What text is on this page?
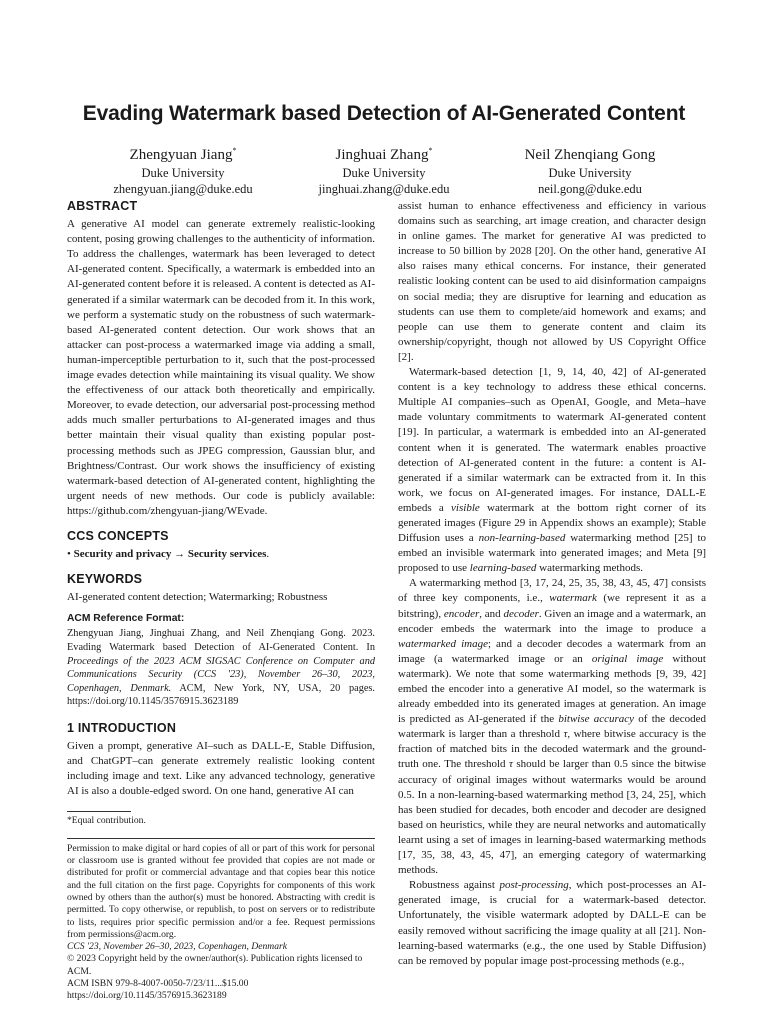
Evading Watermark based Detection of AI-Generated Content
Zhengyuan Jiang*
Duke University
zhengyuan.jiang@duke.edu
Jinghuai Zhang*
Duke University
jinghuai.zhang@duke.edu
Neil Zhenqiang Gong
Duke University
neil.gong@duke.edu
ABSTRACT

A generative AI model can generate extremely realistic-looking content, posing growing challenges to the authenticity of information. To address the challenges, watermark has been leveraged to detect AI-generated content. Specifically, a watermark is embedded into an AI-generated content before it is released. A content is detected as AI-generated if a similar watermark can be decoded from it. In this work, we perform a systematic study on the robustness of such watermark-based AI-generated content detection. Our work shows that an attacker can post-process a watermarked image via adding a small, human-imperceptible perturbation to it, such that the post-processed image evades detection while maintaining its visual quality. We show the effectiveness of our attack both theoretically and empirically. Moreover, to evade detection, our adversarial post-processing method adds much smaller perturbations to AI-generated images and thus better maintain their visual quality than existing popular post-processing methods such as JPEG compression, Gaussian blur, and Brightness/Contrast. Our work shows the insufficiency of existing watermark-based detection of AI-generated content, highlighting the urgent needs of new methods. Our code is publicly available: https://github.com/zhengyuan-jiang/WEvade.

CCS CONCEPTS

• Security and privacy → Security services.

KEYWORDS

AI-generated content detection; Watermarking; Robustness

ACM Reference Format:

Zhengyuan Jiang, Jinghuai Zhang, and Neil Zhenqiang Gong. 2023. Evading Watermark based Detection of AI-Generated Content. In Proceedings of the 2023 ACM SIGSAC Conference on Computer and Communications Security (CCS '23), November 26–30, 2023, Copenhagen, Denmark. ACM, New York, NY, USA, 20 pages. https://doi.org/10.1145/3576915.3623189

1 INTRODUCTION

Given a prompt, generative AI–such as DALL-E, Stable Diffusion, and ChatGPT–can generate extremely realistic looking content including image and text. Like any advanced technology, generative AI is also a double-edged sword. On one hand, generative AI can

*Equal contribution.

Permission to make digital or hard copies of all or part of this work for personal or classroom use is granted without fee provided that copies are not made or distributed for profit or commercial advantage and that copies bear this notice and the full citation on the first page. Copyrights for components of this work owned by others than the author(s) must be honored. Abstracting with credit is permitted. To copy otherwise, or republish, to post on servers or to redistribute to lists, requires prior specific permission and/or a fee. Request permissions from permissions@acm.org.

CCS '23, November 26–30, 2023, Copenhagen, Denmark
© 2023 Copyright held by the owner/author(s). Publication rights licensed to ACM.
ACM ISBN 979-8-4007-0050-7/23/11...$15.00
https://doi.org/10.1145/3576915.3623189

assist human to enhance effectiveness and efficiency in various domains such as searching, art image creation, and character design in online games. The market for generative AI was predicted to increase to 50 billion by 2028 [20]. On the other hand, generative AI also raises many ethical concerns. For instance, their generated realistic looking content can be used to aid disinformation campaigns on social media; they are disruptive for learning and education as students can use them to complete/aid homework and exams; and people can use them to generate content and claim its ownership/copyright, though not allowed by US Copyright Office [2].

Watermark-based detection [1, 9, 14, 40, 42] of AI-generated content is a key technology to address these ethical concerns. Multiple AI companies–such as OpenAI, Google, and Meta–have made voluntary commitments to watermark AI-generated content [19]. In particular, a watermark is embedded into an AI-generated content when it is generated. The watermark enables proactive detection of AI-generated content in the future: a content is AI-generated if a similar watermark can be extracted from it. In this work, we focus on AI-generated images. For instance, DALL-E embeds a visible watermark at the bottom right corner of its generated images (Figure 29 in Appendix shows an example); Stable Diffusion uses a non-learning-based watermarking method [25] to embed an invisible watermark into generated images; and Meta [9] proposed to use learning-based watermarking methods.

A watermarking method [3, 17, 24, 25, 35, 38, 43, 45, 47] consists of three key components, i.e., watermark (we represent it as a bitstring), encoder, and decoder. Given an image and a watermark, an encoder embeds the watermark into the image to produce a watermarked image; and a decoder decodes a watermark from an image (a watermarked image or an original image without watermark). We note that some watermarking methods [9, 39, 42] embed the encoder into a generative AI model, so the watermark is already embedded into its generated images at generation. An image is predicted as AI-generated if the bitwise accuracy of the decoded watermark is larger than a threshold τ, where bitwise accuracy is the fraction of matched bits in the decoded watermark and the ground-truth one. The threshold τ should be larger than 0.5 since the bitwise accuracy of original images without watermarks would be around 0.5. In a non-learning-based watermarking method [3, 24, 25], which has been studied for decades, both encoder and decoder are designed based on heuristics, while they are neural networks and automatically learnt using a set of images in learning-based watermarking methods [17, 35, 38, 43, 45, 47], an emerging category of watermarking methods.

Robustness against post-processing, which post-processes an AI-generated image, is crucial for a watermark-based detector. Unfortunately, the visible watermark adopted by DALL-E can be easily removed without sacrificing the image quality at all [21]. Non-learning-based watermarks (e.g., the one used by Stable Diffusion) can be removed by popular image post-processing methods (e.g.,
